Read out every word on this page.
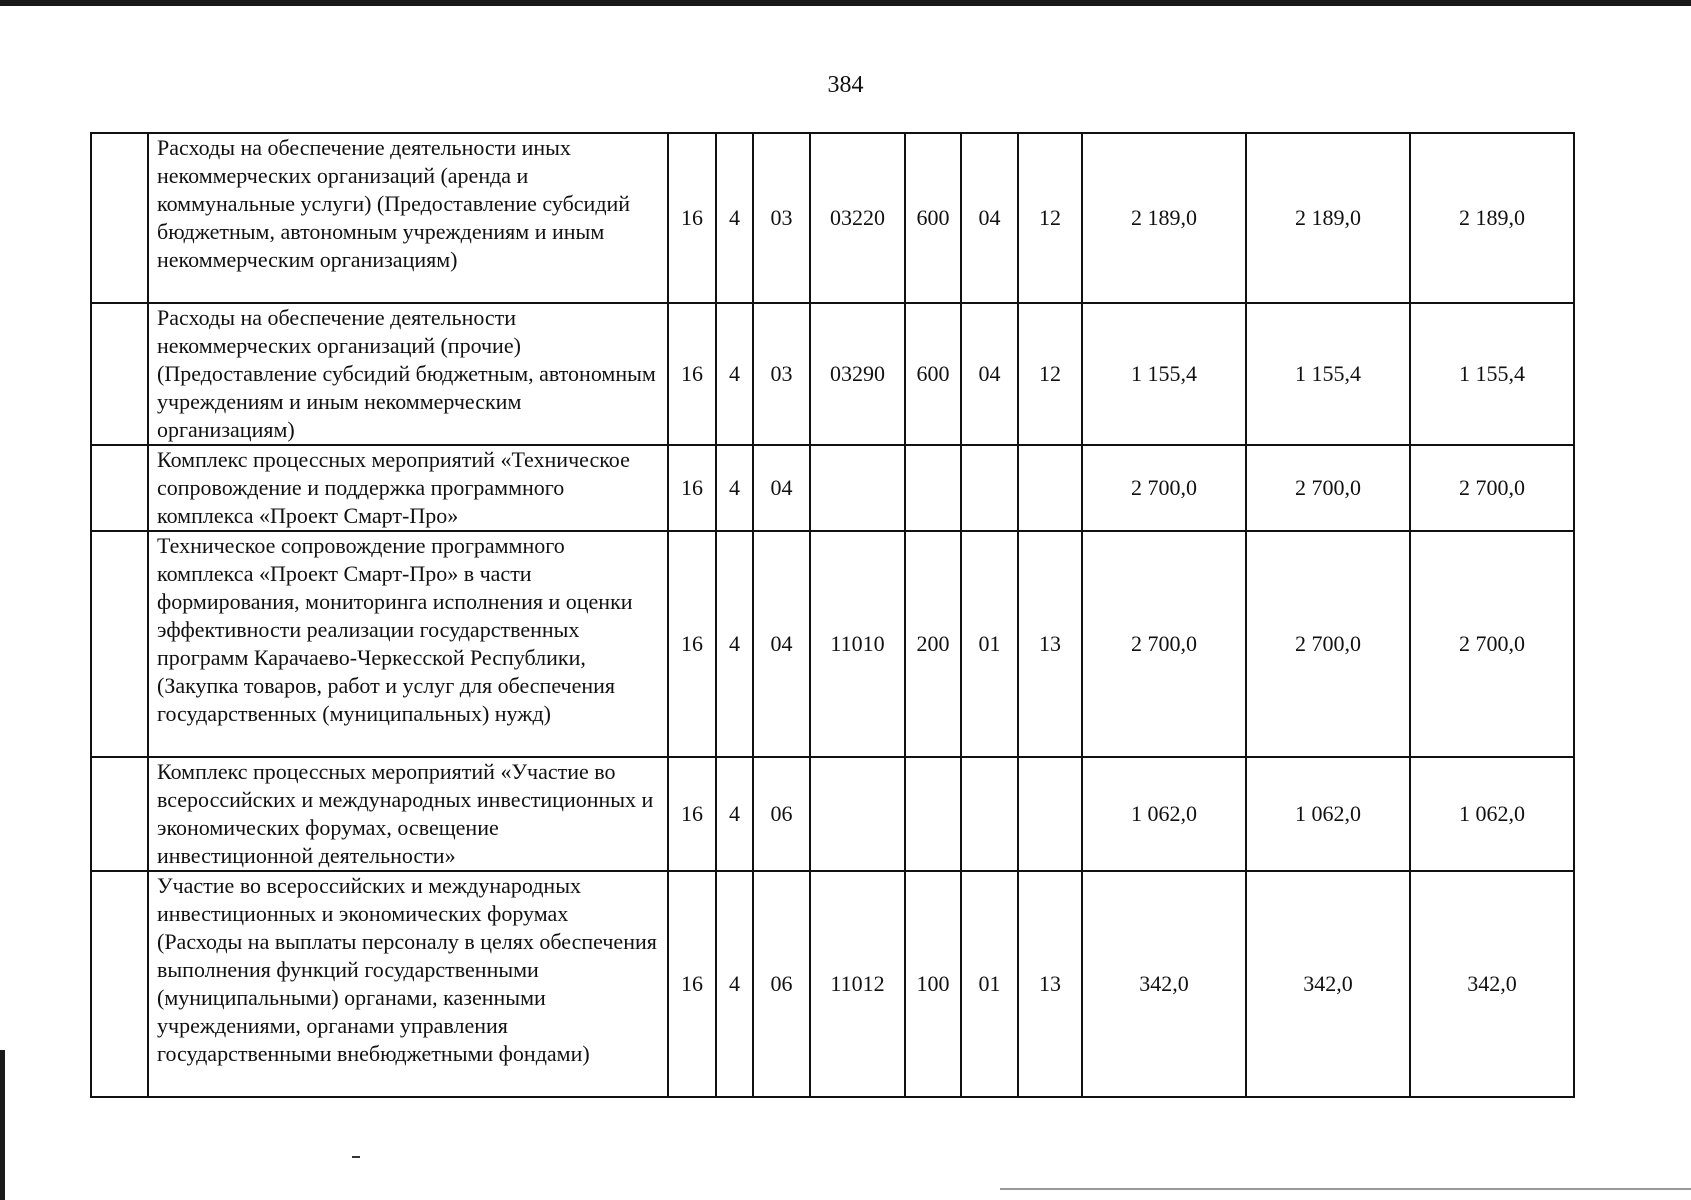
384
	Расходы на обеспечение деятельности иных некоммерческих организаций (аренда и коммунальные услуги) (Предоставление субсидий бюджетным, автономным учреждениям и иным некоммерческим организациям)	16	4	03	03220	600	04	12	2 189,0	2 189,0	2 189,0
	Расходы на обеспечение деятельности некоммерческих организаций (прочие) (Предоставление субсидий бюджетным, автономным учреждениям и иным некоммерческим организациям)	16	4	03	03290	600	04	12	1 155,4	1 155,4	1 155,4
	Комплекс процессных мероприятий «Техническое сопровождение и поддержка программного комплекса «Проект Смарт-Про»	16	4	04					2 700,0	2 700,0	2 700,0
	Техническое сопровождение программного комплекса «Проект Смарт-Про» в части формирования, мониторинга исполнения и оценки эффективности реализации государственных программ Карачаево-Черкесской Республики, (Закупка товаров, работ и услуг для обеспечения государственных (муниципальных) нужд)	16	4	04	11010	200	01	13	2 700,0	2 700,0	2 700,0
	Комплекс процессных мероприятий «Участие во всероссийских и международных инвестиционных и экономических форумах, освещение инвестиционной деятельности»	16	4	06					1 062,0	1 062,0	1 062,0
	Участие во всероссийских и международных инвестиционных и экономических форумах (Расходы на выплаты персоналу в целях обеспечения выполнения функций государственными (муниципальными) органами, казенными учреждениями, органами управления государственными внебюджетными фондами)	16	4	06	11012	100	01	13	342,0	342,0	342,0
